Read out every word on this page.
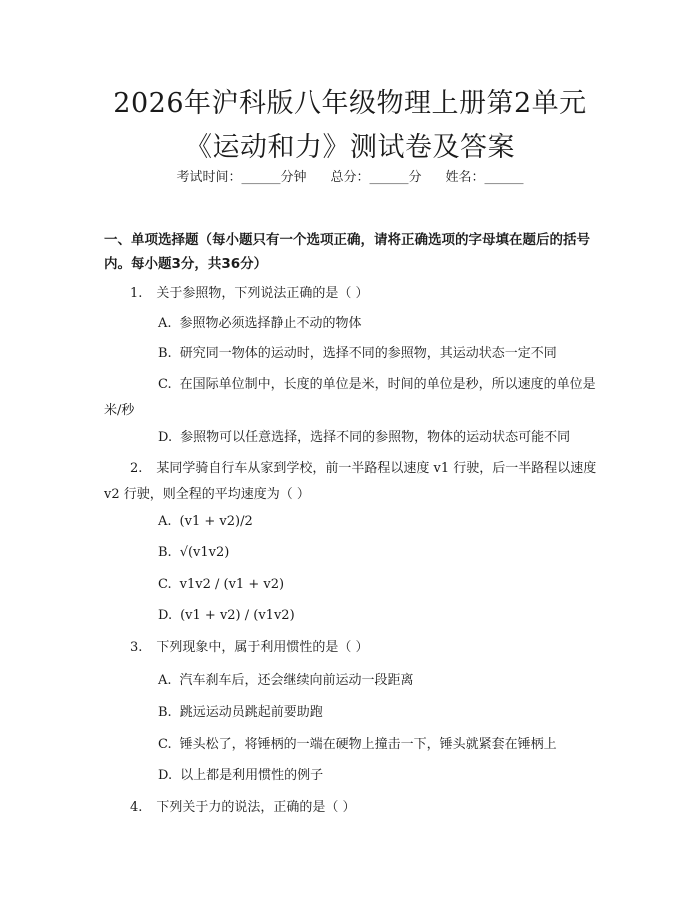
2026年沪科版八年级物理上册第2单元《运动和力》测试卷及答案
考试时间：______分钟 总分：______分 姓名：______
一、单项选择题（每小题只有一个选项正确，请将正确选项的字母填在题后的括号内。每小题3分，共36分）
1. 关于参照物，下列说法正确的是（ ）
A. 参照物必须选择静止不动的物体
B. 研究同一物体的运动时，选择不同的参照物，其运动状态一定不同
C. 在国际单位制中，长度的单位是米，时间的单位是秒，所以速度的单位是米/秒
D. 参照物可以任意选择，选择不同的参照物，物体的运动状态可能不同
2. 某同学骑自行车从家到学校，前一半路程以速度 v1 行驶，后一半路程以速度 v2 行驶，则全程的平均速度为（ ）
A. (v1 + v2)/2
B. √(v1v2)
C. v1v2 / (v1 + v2)
D. (v1 + v2) / (v1v2)
3. 下列现象中，属于利用惯性的是（ ）
A. 汽车刹车后，还会继续向前运动一段距离
B. 跳远运动员跳起前要助跑
C. 锤头松了，将锤柄的一端在硬物上撞击一下，锤头就紧套在锤柄上
D. 以上都是利用惯性的例子
4. 下列关于力的说法，正确的是（ ）
